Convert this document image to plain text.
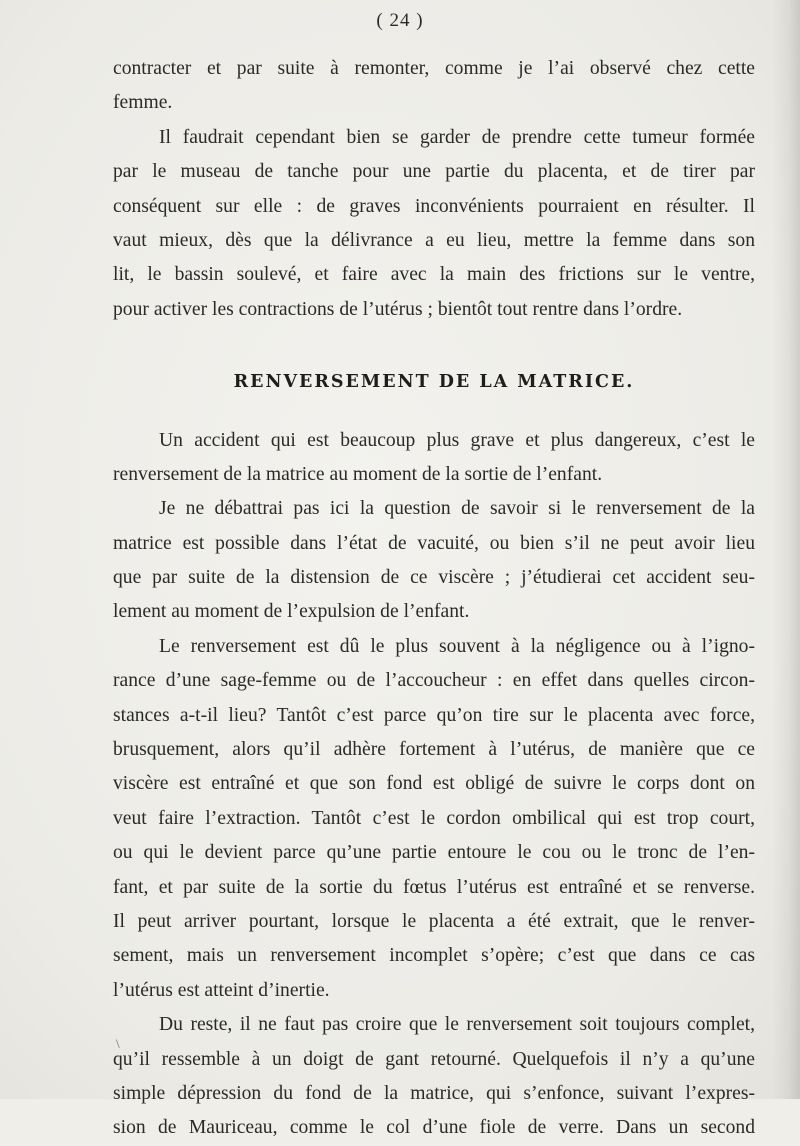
( 24 )
contracter et par suite à remonter, comme je l’ai observé chez cette
femme.
Il faudrait cependant bien se garder de prendre cette tumeur formée
par le museau de tanche pour une partie du placenta, et de tirer par
conséquent sur elle : de graves inconvénients pourraient en résulter. Il
vaut mieux, dès que la délivrance a eu lieu, mettre la femme dans son
lit, le bassin soulevé, et faire avec la main des frictions sur le ventre,
pour activer les contractions de l’utérus ; bientôt tout rentre dans l’ordre.
RENVERSEMENT DE LA MATRICE.
Un accident qui est beaucoup plus grave et plus dangereux, c’est le
renversement de la matrice au moment de la sortie de l’enfant.
Je ne débattrai pas ici la question de savoir si le renversement de la
matrice est possible dans l’état de vacuité, ou bien s’il ne peut avoir lieu
que par suite de la distension de ce viscère ; j’étudierai cet accident seu-
lement au moment de l’expulsion de l’enfant.
Le renversement est dû le plus souvent à la négligence ou à l’igno-
rance d’une sage-femme ou de l’accoucheur : en effet dans quelles circon-
stances a-t-il lieu? Tantôt c’est parce qu’on tire sur le placenta avec force,
brusquement, alors qu’il adhère fortement à l’utérus, de manière que ce
viscère est entraîné et que son fond est obligé de suivre le corps dont on
veut faire l’extraction. Tantôt c’est le cordon ombilical qui est trop court,
ou qui le devient parce qu’une partie entoure le cou ou le tronc de l’en-
fant, et par suite de la sortie du fœtus l’utérus est entraîné et se renverse.
Il peut arriver pourtant, lorsque le placenta a été extrait, que le renver-
sement, mais un renversement incomplet s’opère; c’est que dans ce cas
l’utérus est atteint d’inertie.
Du reste, il ne faut pas croire que le renversement soit toujours complet,
qu’il ressemble à un doigt de gant retourné. Quelquefois il n’y a qu’une
simple dépression du fond de la matrice, qui s’enfonce, suivant l’expres-
sion de Mauriceau, comme le col d’une fiole de verre. Dans un second
\
